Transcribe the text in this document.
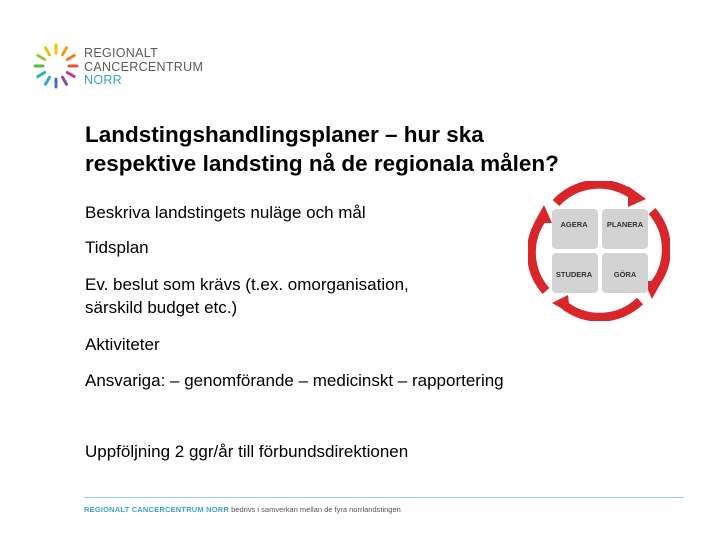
REGIONALT
CANCERCENTRUM
NORR
Landstingshandlingsplaner – hur ska
respektive landsting nå de regionala målen?
Beskriva landstingets nuläge och mål
Tidsplan
Ev. beslut som krävs (t.ex. omorganisation,
särskild budget etc.)
Aktiviteter
Ansvariga: – genomförande – medicinskt – rapportering
Uppföljning 2 ggr/år till förbundsdirektionen
AGERA	PLANERA
STUDERA	GÖRA
REGIONALT CANCERCENTRUM NORR bedrivs i samverkan mellan de fyra norrlandstingen
